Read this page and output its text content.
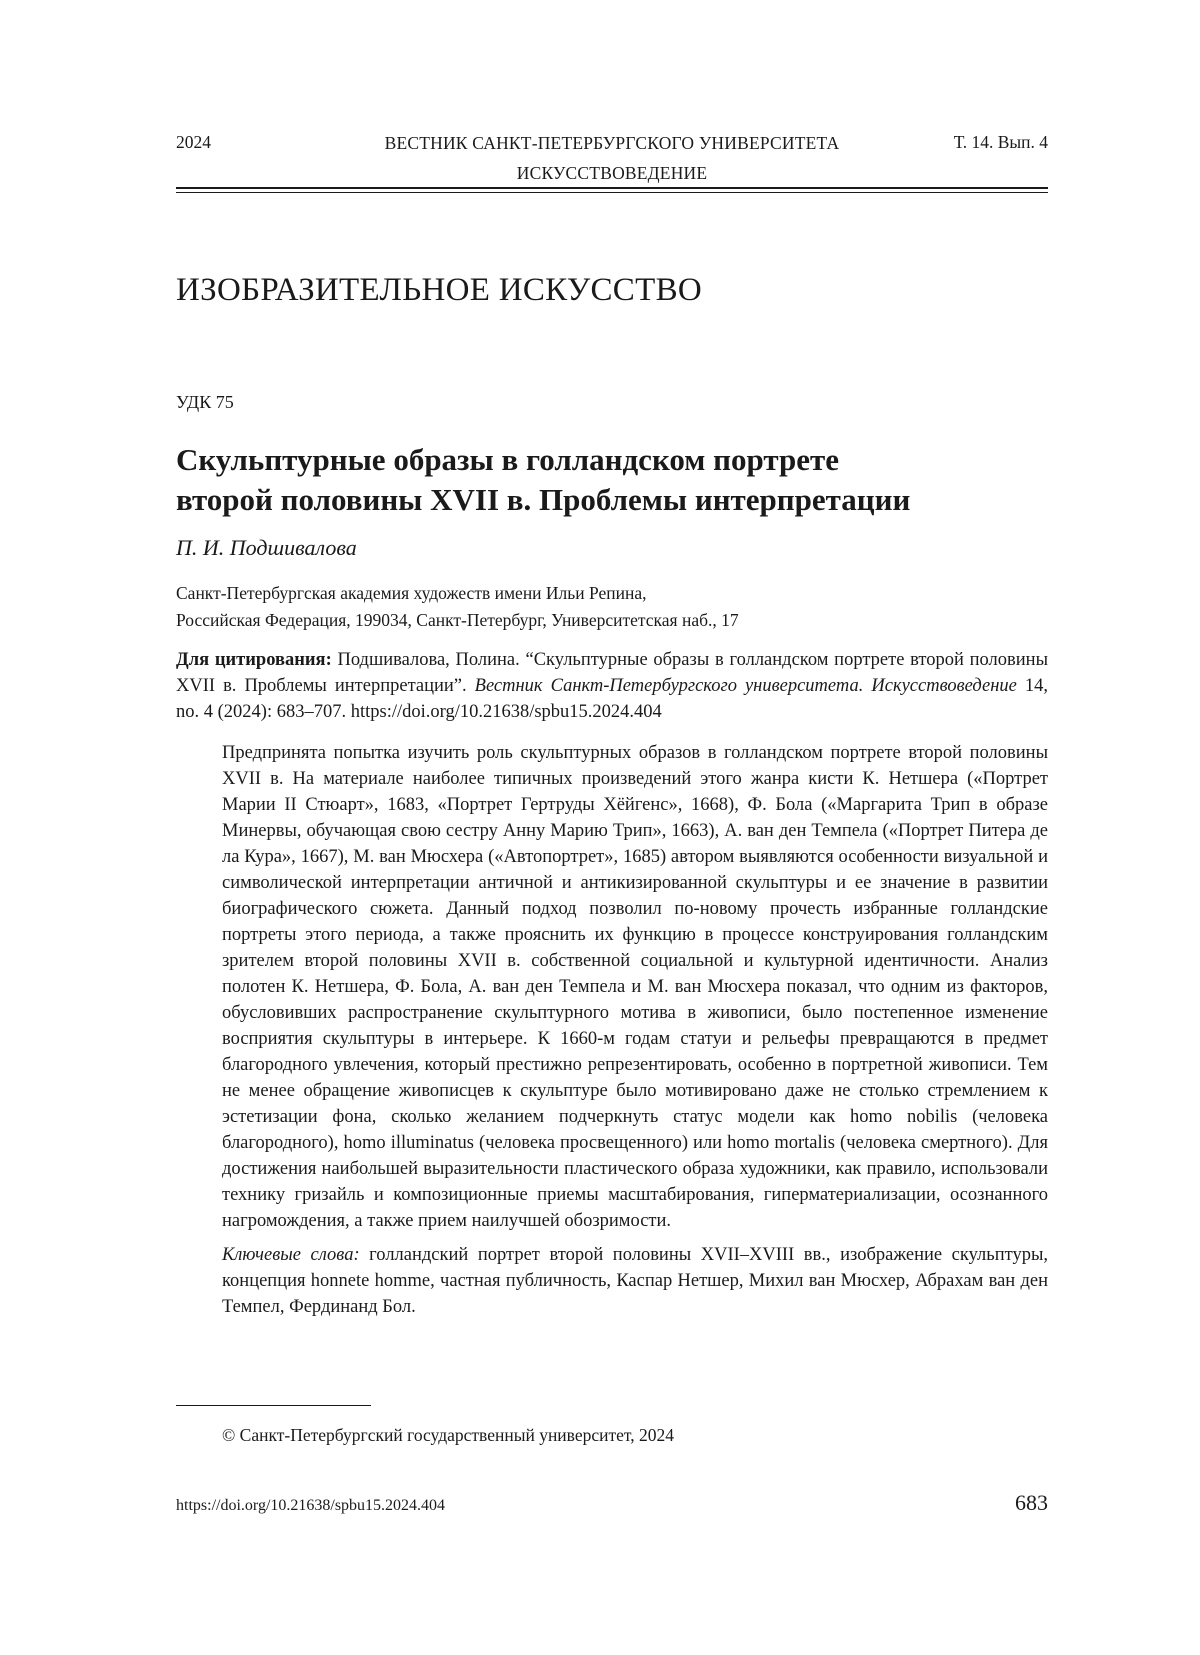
2024	ВЕСТНИК САНКТ-ПЕТЕРБУРГСКОГО УНИВЕРСИТЕТА
ИСКУССТВОВЕДЕНИЕ
Т. 14. Вып. 4
ИЗОБРАЗИТЕЛЬНОЕ ИСКУССТВО
УДК 75
Скульптурные образы в голландском портрете
второй половины XVII в. Проблемы интерпретации
П. И. Подшивалова
Санкт-Петербургская академия художеств имени Ильи Репина,
Российская Федерация, 199034, Санкт-Петербург, Университетская наб., 17
Для цитирования: Подшивалова, Полина. “Скульптурные образы в голландском портрете второй половины XVII в. Проблемы интерпретации”. Вестник Санкт-Петербургского университета. Искусствоведение 14, no. 4 (2024): 683–707. https://doi.org/10.21638/spbu15.2024.404

Предпринята попытка изучить роль скульптурных образов в голландском портрете второй половины XVII в. На материале наиболее типичных произведений этого жанра кисти К. Нетшера («Портрет Марии II Стюарт», 1683, «Портрет Гертруды Хёйгенс», 1668), Ф. Бола («Маргарита Трип в образе Минервы, обучающая свою сестру Анну Марию Трип», 1663), А. ван ден Темпела («Портрет Питера де ла Кура», 1667), М. ван Мюсхера («Автопортрет», 1685) автором выявляются особенности визуальной и символической интерпретации античной и антикизированной скульптуры и ее значение в развитии биографического сюжета. Данный подход позволил по-новому прочесть избранные голландские портреты этого периода, а также прояснить их функцию в процессе конструирования голландским зрителем второй половины XVII в. собственной социальной и культурной идентичности. Анализ полотен К. Нетшера, Ф. Бола, А. ван ден Темпела и М. ван Мюсхера показал, что одним из факторов, обусловивших распространение скульптурного мотива в живописи, было постепенное изменение восприятия скульптуры в интерьере. К 1660-м годам статуи и рельефы превращаются в предмет благородного увлечения, который престижно репрезентировать, особенно в портретной живописи. Тем не менее обращение живописцев к скульптуре было мотивировано даже не столько стремлением к эстетизации фона, сколько желанием подчеркнуть статус модели как homo nobilis (человека благородного), homo illuminatus (человека просвещенного) или homo mortalis (человека смертного). Для достижения наибольшей выразительности пластического образа художники, как правило, использовали технику гризайль и композиционные приемы масштабирования, гиперматериализации, осознанного нагромождения, а также прием наилучшей обозримости.

Ключевые слова: голландский портрет второй половины XVII–XVIII вв., изображение скульптуры, концепция honnete homme, частная публичность, Каспар Нетшер, Михил ван Мюсхер, Абрахам ван ден Темпел, Фердинанд Бол.

© Санкт-Петербургский государственный университет, 2024
https://doi.org/10.21638/spbu15.2024.404	683
